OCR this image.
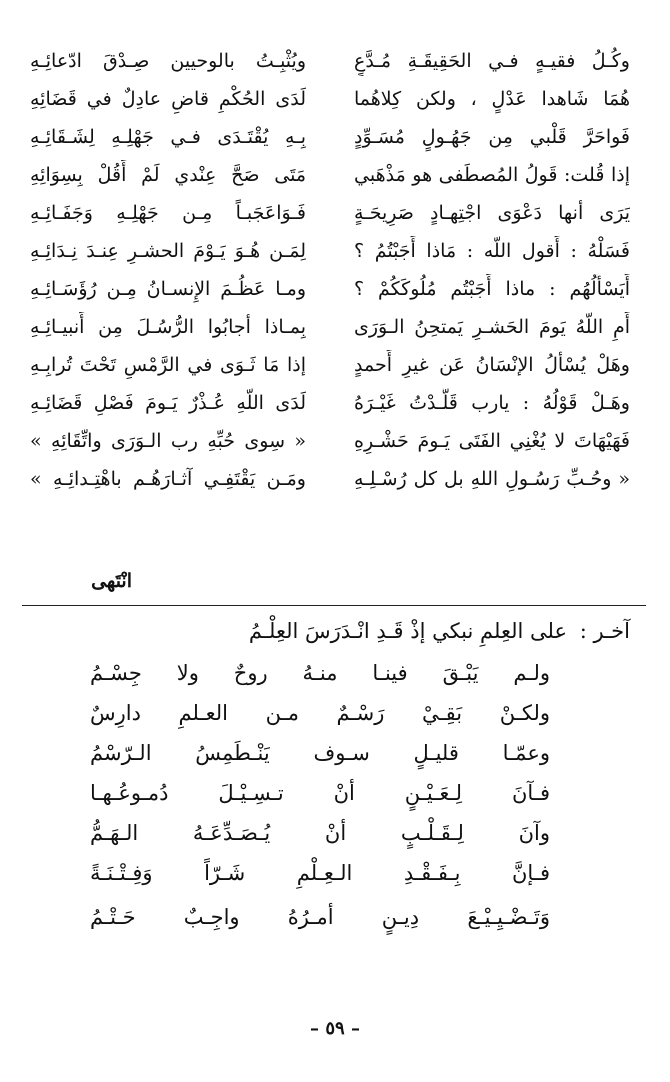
وكُـلُ فقيـهٍ فـي الحَقِيقَـةِ مُـدَّعٍ
ويُثْبِـتُ بالوحيين صِـدْقَ ادّعائِـهِ
هُمَا شَاهدا عَدْلٍ ، ولكن كِلاهُما
لَدَى الحُكْمِ قاضٍ عادِلٌ في قَضَائِهِ
فَواحَرَّ قَلْبي مِن جَهُـولٍ مُسَـوِّدٍ
بِـهِ يُقْتَـدَى فـي جَهْلِـهِ لِشَـقَائِـهِ
إذا قُلت: قَولُ المُصطَفى هو مَذْهَبي
مَتَى صَحَّ عِنْدي لَمْ أَقُلْ بِسِوَائِهِ
يَرَى أنها دَعْوَى اجْتِهـادٍ صَرِيحَـةٍ
فَـوَاعَجَبـاً مِـن جَهْلِـهِ وَجَفَـائِـهِ
فَسَلْهُ : أَقول اللّه : مَاذا أَجَبْتُمُ ؟
لِمَـن هُـوَ يَـوْمَ الحشـرِ عِنـدَ نِـدَائِـهِ
أَيَسْأَلُهُم : ماذا أَجَبْتُم مُلُوكَكُمْ ؟
ومـا عَظُـمَ الإِنسـانُ مِـن رُؤَسَـائِـهِ
أَمِ اللّهُ يَومَ الحَشـرِ يَمتحِنُ الـوَرَى
بِمـاذا أجابُوا الرُّسُـلَ مِن أَنبيـائِـهِ
وهَلْ يُسْأَلُ الإنْسَانُ عَن غيرِ أَحمدٍ
إذا مَا ثَـوَى في الرَّمْسِ تَحْتَ تُرابِـهِ
وهَـلْ قَوْلُهُ : يارب قَلَّـدْتُ غَيْـرَهُ
لَدَى اللّهِ عُـذْرٌ يَـومَ فَصْلِ قَضَائِـهِ
فَهَيْهَاتَ لا يُغْنِي الفَتَى يَـومَ حَشْـرِهِ
« سِوى حُبِّهِ رب الـوَرَى واتِّقَائِهِ »
« وحُـبِّ رَسُـولِ اللهِ بل كل رُسْـلِـهِ
ومَـن يَقْتَفِـي آثـارَهُـم باهْتِـدائِـهِ »
انْتَهى
آخـر : على العِلمِ نبكي إذْ قَـدِ انْـدَرَسَ العِلْـمُ
ولـم يَبْـقَ فينـا منـهُ روحٌ ولا جِسْـمُ
ولكـنْ بَقِـيْ رَسْـمٌ مـن العـلمِ دارِسٌ
وعمّـا قليـلٍ سـوف يَنْـطَمِسُ الـرّسْمُ
فـآنَ لِـعَـيْـنٍ أنْ تـسِـيْـلَ دُمـوعُـهـا
وآنَ لِـقَـلْـبٍ أنْ يُـصَـدِّعَـهُ الـهَـمُّ
فـإنَّ بِـفَـقْـدِ الـعِـلْمِ شَـرّاً وَفِـتْـنَـةً
وَتَـضْـيِـيْـعَ دِيـنٍ أمـرُهُ واجِـبٌ حَـتْـمُ
– ٥٩ –
